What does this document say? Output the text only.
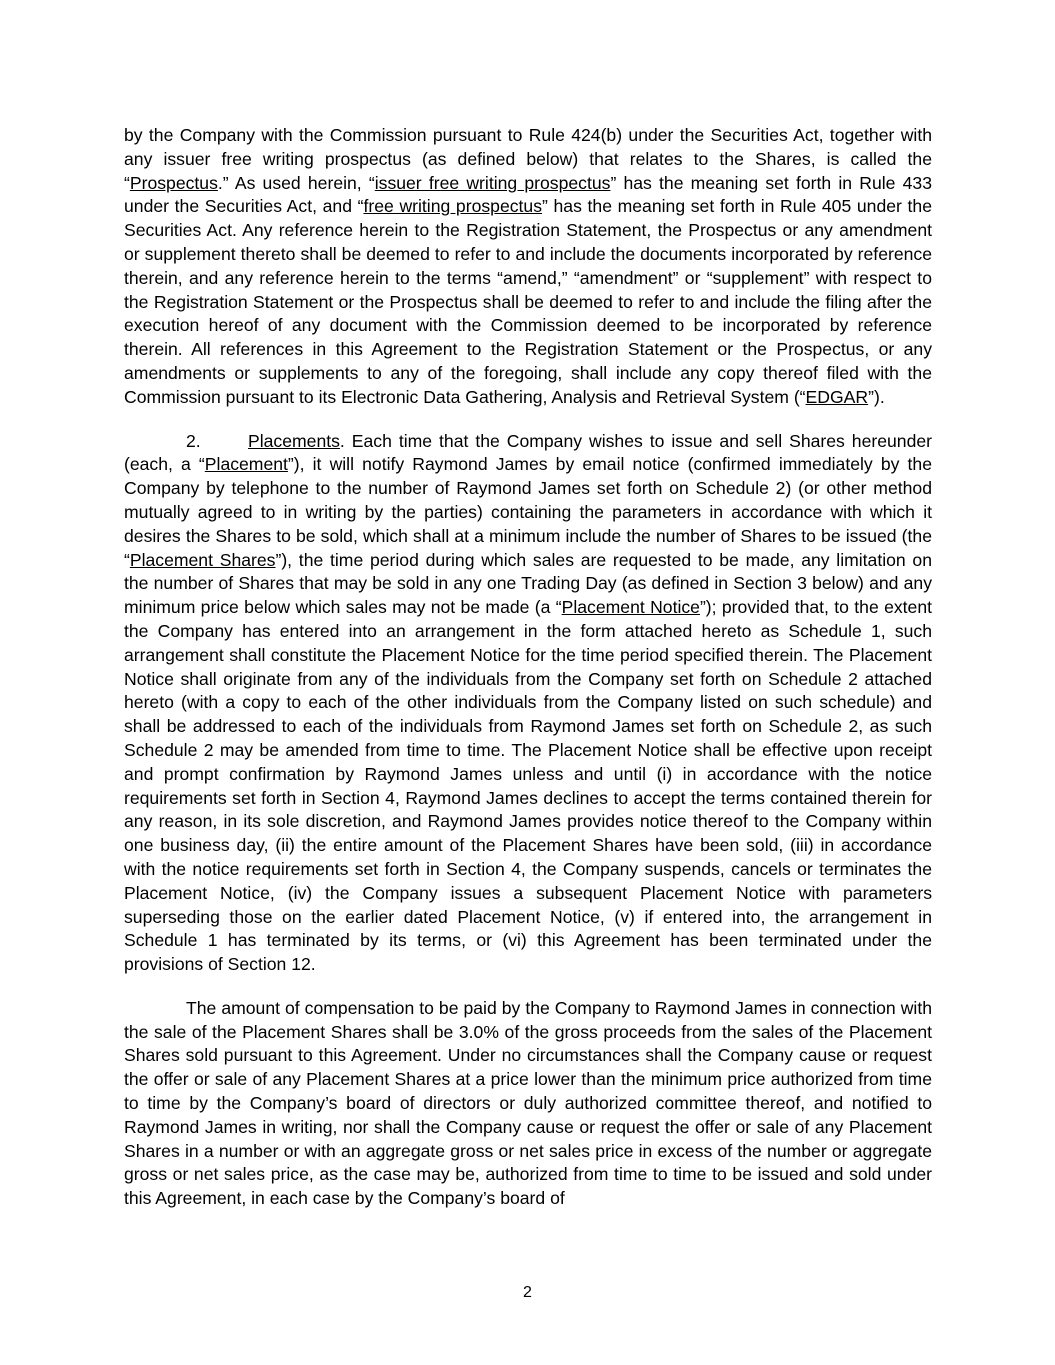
by the Company with the Commission pursuant to Rule 424(b) under the Securities Act, together with any issuer free writing prospectus (as defined below) that relates to the Shares, is called the “Prospectus.” As used herein, “issuer free writing prospectus” has the meaning set forth in Rule 433 under the Securities Act, and “free writing prospectus” has the meaning set forth in Rule 405 under the Securities Act. Any reference herein to the Registration Statement, the Prospectus or any amendment or supplement thereto shall be deemed to refer to and include the documents incorporated by reference therein, and any reference herein to the terms “amend,” “amendment” or “supplement” with respect to the Registration Statement or the Prospectus shall be deemed to refer to and include the filing after the execution hereof of any document with the Commission deemed to be incorporated by reference therein. All references in this Agreement to the Registration Statement or the Prospectus, or any amendments or supplements to any of the foregoing, shall include any copy thereof filed with the Commission pursuant to its Electronic Data Gathering, Analysis and Retrieval System (“EDGAR”).

2.	Placements. Each time that the Company wishes to issue and sell Shares hereunder (each, a “Placement”), it will notify Raymond James by email notice (confirmed immediately by the Company by telephone to the number of Raymond James set forth on Schedule 2) (or other method mutually agreed to in writing by the parties) containing the parameters in accordance with which it desires the Shares to be sold, which shall at a minimum include the number of Shares to be issued (the “Placement Shares”), the time period during which sales are requested to be made, any limitation on the number of Shares that may be sold in any one Trading Day (as defined in Section 3 below) and any minimum price below which sales may not be made (a “Placement Notice”); provided that, to the extent the Company has entered into an arrangement in the form attached hereto as Schedule 1, such arrangement shall constitute the Placement Notice for the time period specified therein. The Placement Notice shall originate from any of the individuals from the Company set forth on Schedule 2 attached hereto (with a copy to each of the other individuals from the Company listed on such schedule) and shall be addressed to each of the individuals from Raymond James set forth on Schedule 2, as such Schedule 2 may be amended from time to time. The Placement Notice shall be effective upon receipt and prompt confirmation by Raymond James unless and until (i) in accordance with the notice requirements set forth in Section 4, Raymond James declines to accept the terms contained therein for any reason, in its sole discretion, and Raymond James provides notice thereof to the Company within one business day, (ii) the entire amount of the Placement Shares have been sold, (iii) in accordance with the notice requirements set forth in Section 4, the Company suspends, cancels or terminates the Placement Notice, (iv) the Company issues a subsequent Placement Notice with parameters superseding those on the earlier dated Placement Notice, (v) if entered into, the arrangement in Schedule 1 has terminated by its terms, or (vi) this Agreement has been terminated under the provisions of Section 12.

The amount of compensation to be paid by the Company to Raymond James in connection with the sale of the Placement Shares shall be 3.0% of the gross proceeds from the sales of the Placement Shares sold pursuant to this Agreement. Under no circumstances shall the Company cause or request the offer or sale of any Placement Shares at a price lower than the minimum price authorized from time to time by the Company’s board of directors or duly authorized committee thereof, and notified to Raymond James in writing, nor shall the Company cause or request the offer or sale of any Placement Shares in a number or with an aggregate gross or net sales price in excess of the number or aggregate gross or net sales price, as the case may be, authorized from time to time to be issued and sold under this Agreement, in each case by the Company’s board of

2
